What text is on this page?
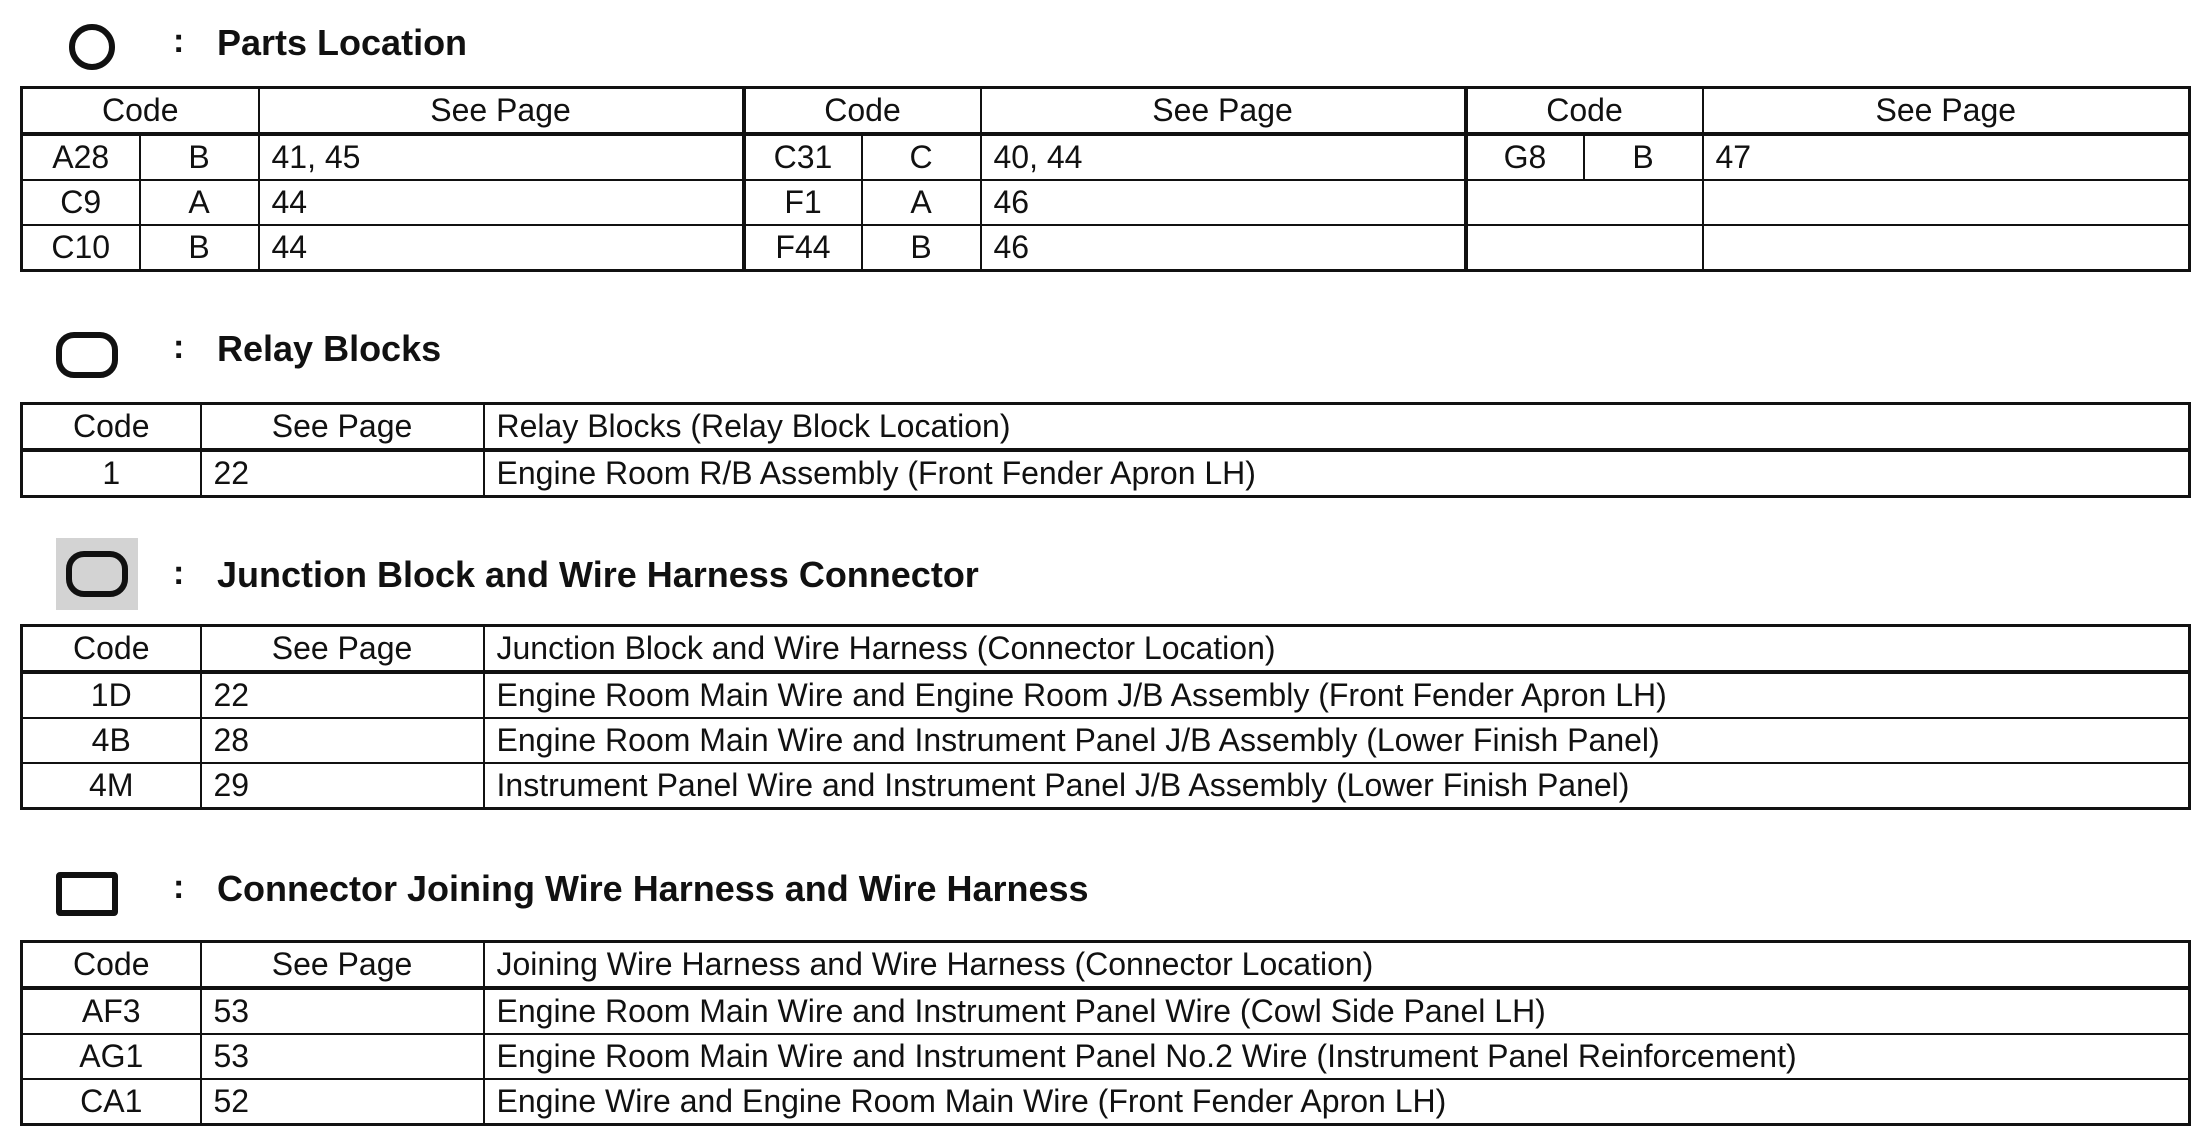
: Parts Location
Code		See Page	Code		See Page	Code		See Page
A28	B	41, 45	C31	C	40, 44	G8	B	47
C9	A	44	F1	A	46			
C10	B	44	F44	B	46			
: Relay Blocks
Code	See Page	Relay Blocks (Relay Block Location)
1	22	Engine Room R/B Assembly (Front Fender Apron LH)
: Junction Block and Wire Harness Connector
Code	See Page	Junction Block and Wire Harness (Connector Location)
1D	22	Engine Room Main Wire and Engine Room J/B Assembly (Front Fender Apron LH)
4B	28	Engine Room Main Wire and Instrument Panel J/B Assembly (Lower Finish Panel)
4M	29	Instrument Panel Wire and Instrument Panel J/B Assembly (Lower Finish Panel)
: Connector Joining Wire Harness and Wire Harness
Code	See Page	Joining Wire Harness and Wire Harness (Connector Location)
AF3	53	Engine Room Main Wire and Instrument Panel Wire (Cowl Side Panel LH)
AG1	53	Engine Room Main Wire and Instrument Panel No.2 Wire (Instrument Panel Reinforcement)
CA1	52	Engine Wire and Engine Room Main Wire (Front Fender Apron LH)
